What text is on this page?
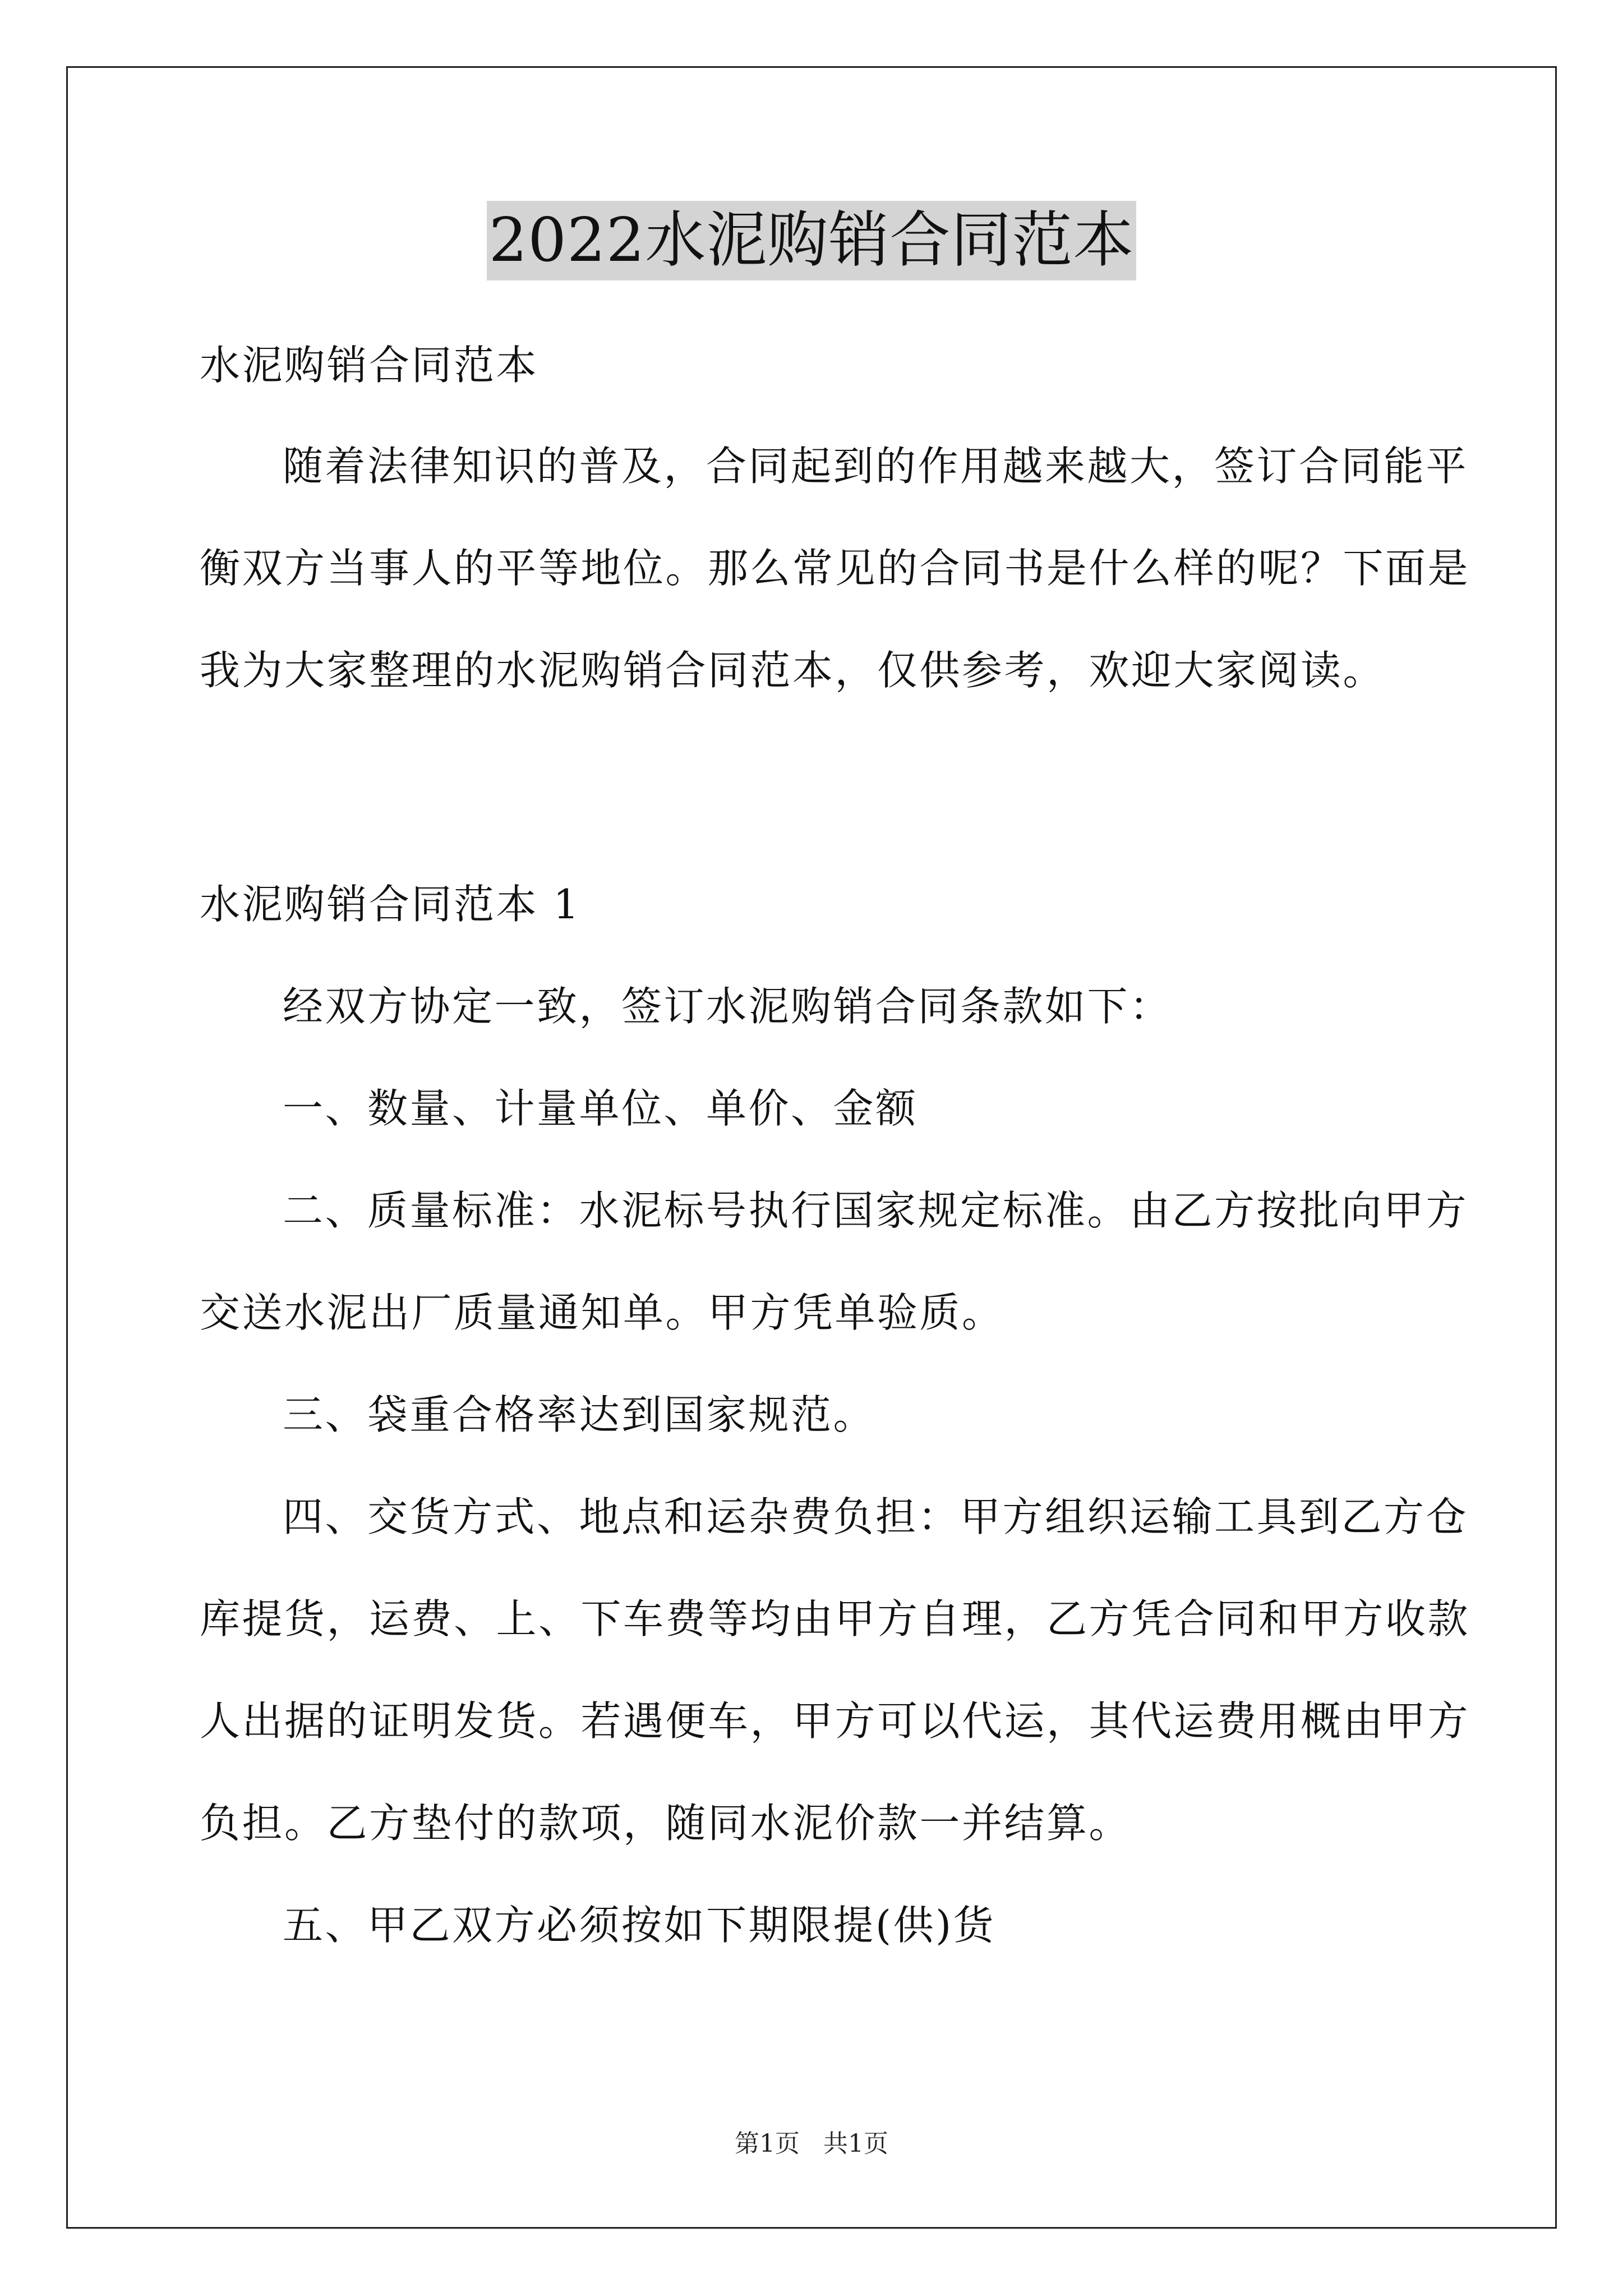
2022水泥购销合同范本
水泥购销合同范本
随着法律知识的普及，合同起到的作用越来越大，签订合同能平
衡双方当事人的平等地位。那么常见的合同书是什么样的呢？下面是
我为大家整理的水泥购销合同范本，仅供参考，欢迎大家阅读。
水泥购销合同范本 1
经双方协定一致，签订水泥购销合同条款如下：
一、数量、计量单位、单价、金额
二、质量标准：水泥标号执行国家规定标准。由乙方按批向甲方
交送水泥出厂质量通知单。甲方凭单验质。
三、袋重合格率达到国家规范。
四、交货方式、地点和运杂费负担：甲方组织运输工具到乙方仓
库提货，运费、上、下车费等均由甲方自理，乙方凭合同和甲方收款
人出据的证明发货。若遇便车，甲方可以代运，其代运费用概由甲方
负担。乙方垫付的款项，随同水泥价款一并结算。
五、甲乙双方必须按如下期限提(供)货
第1页 共1页
